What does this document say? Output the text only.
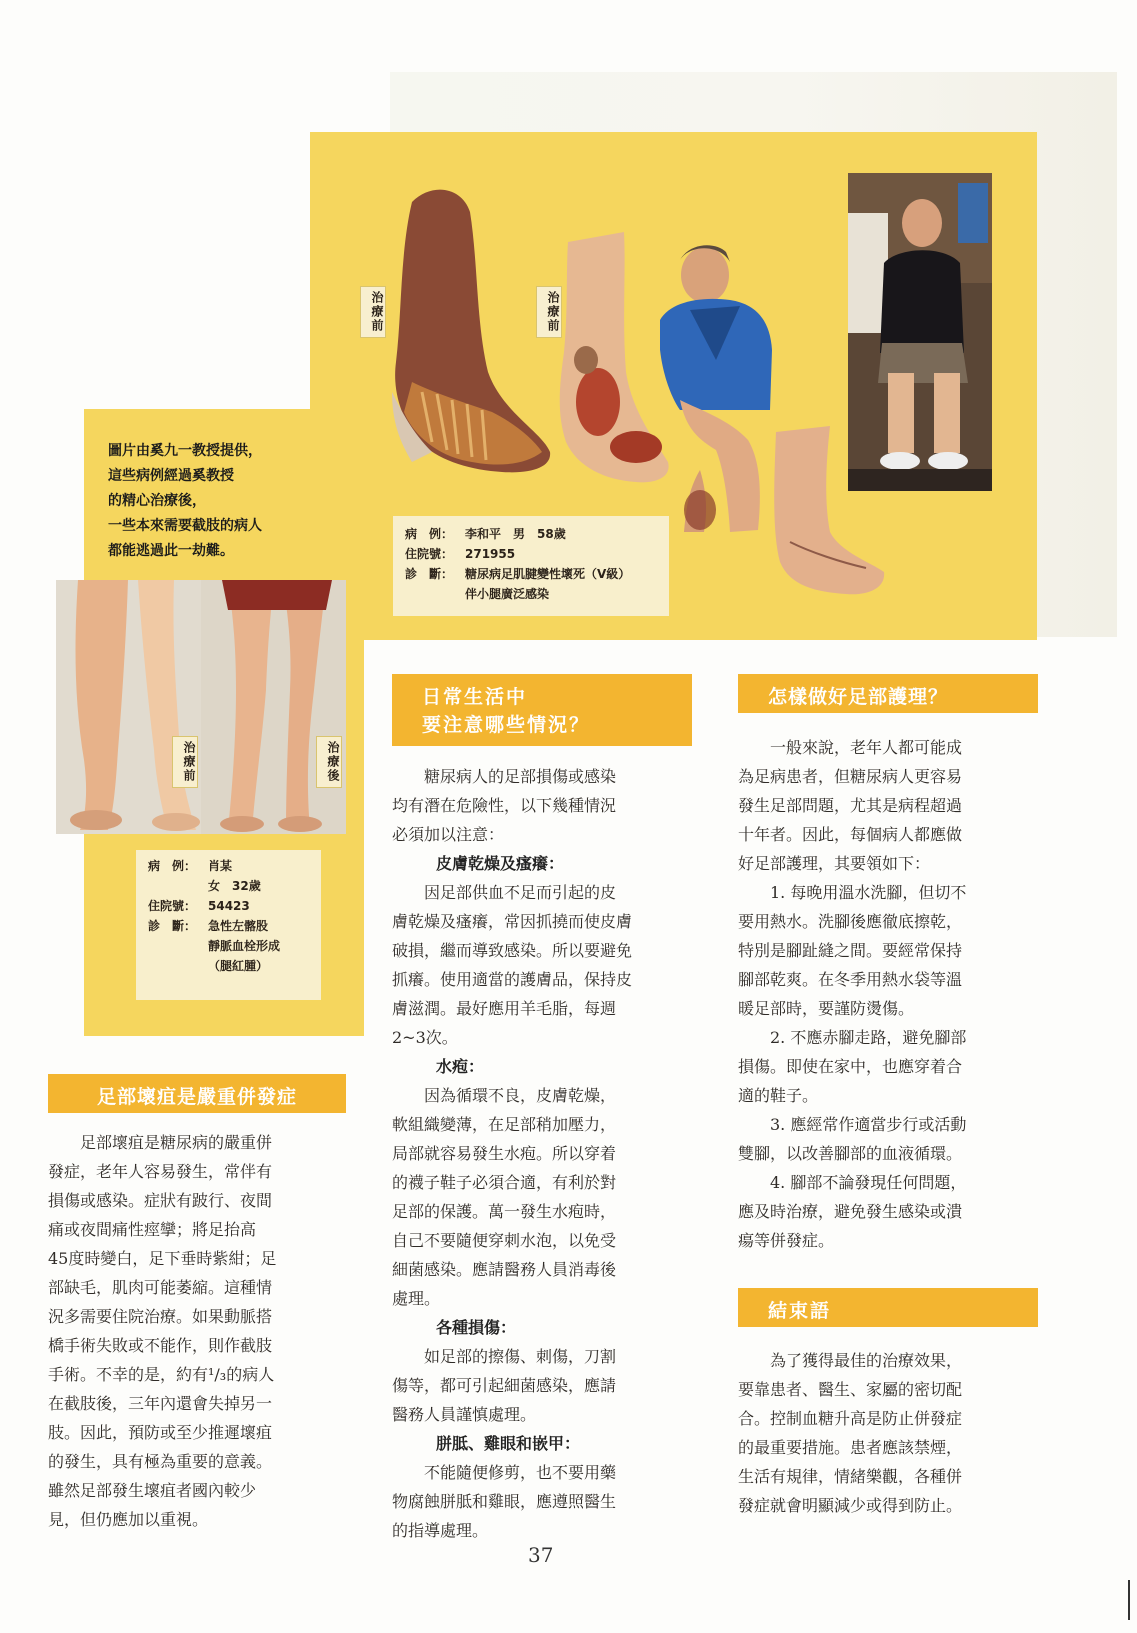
圖片由奚九一教授提供，
這些病例經過奚教授
的精心治療後，
一些本來需要截肢的病人
都能逃過此一劫難。
治療前	治療前
治療前	治療後
病　例： 李和平　男　58歲
住院號： 271955
診　斷： 糖尿病足肌腱變性壞死（Ⅴ級）
伴小腿廣泛感染
病　例： 肖某
女　32歲
住院號： 54423
診　斷： 急性左髂股
靜脈血栓形成
（腿紅腫）
足部壞疽是嚴重併發症
日常生活中
要注意哪些情況？
怎樣做好足部護理？
結束語
　　足部壞疽是糖尿病的嚴重併
發症，老年人容易發生，常伴有
損傷或感染。症狀有跛行、夜間
痛或夜間痛性痙攣；將足抬高
45度時變白，足下垂時紫紺；足
部缺毛，肌肉可能萎縮。這種情
況多需要住院治療。如果動脈搭
橋手術失敗或不能作，則作截肢
手術。不幸的是，約有¹/₃的病人
在截肢後，三年內還會失掉另一
肢。因此，預防或至少推遲壞疽
的發生，具有極為重要的意義。
雖然足部發生壞疽者國內較少
見，但仍應加以重視。
　　糖尿病人的足部損傷或感染
均有潛在危險性，以下幾種情況
必須加以注意：
皮膚乾燥及瘙癢：
　　因足部供血不足而引起的皮
膚乾燥及瘙癢，常因抓撓而使皮膚
破損，繼而導致感染。所以要避免
抓癢。使用適當的護膚品，保持皮
膚滋潤。最好應用羊毛脂，每週
2~3次。
水疱：
　　因為循環不良，皮膚乾燥，
軟組織變薄，在足部稍加壓力，
局部就容易發生水疱。所以穿着
的襪子鞋子必須合適，有利於對
足部的保護。萬一發生水疱時，
自己不要隨便穿刺水泡，以免受
細菌感染。應請醫務人員消毒後
處理。
各種損傷：
　　如足部的擦傷、刺傷，刀割
傷等，都可引起細菌感染，應請
醫務人員謹慎處理。
胼胝、雞眼和嵌甲：
　　不能隨便修剪，也不要用藥
物腐蝕胼胝和雞眼，應遵照醫生
的指導處理。
　　一般來說，老年人都可能成
為足病患者，但糖尿病人更容易
發生足部問題，尤其是病程超過
十年者。因此，每個病人都應做
好足部護理，其要領如下：
　　1. 每晚用溫水洗腳，但切不
要用熱水。洗腳後應徹底擦乾，
特別是腳趾縫之間。要經常保持
腳部乾爽。在冬季用熱水袋等溫
暖足部時，要謹防燙傷。
　　2. 不應赤腳走路，避免腳部
損傷。即使在家中，也應穿着合
適的鞋子。
　　3. 應經常作適當步行或活動
雙腳，以改善腳部的血液循環。
　　4. 腳部不論發現任何問題，
應及時治療，避免發生感染或潰
瘍等併發症。
　　為了獲得最佳的治療效果，
要靠患者、醫生、家屬的密切配
合。控制血糖升高是防止併發症
的最重要措施。患者應該禁煙，
生活有規律，情緒樂觀，各種併
發症就會明顯減少或得到防止。
37
